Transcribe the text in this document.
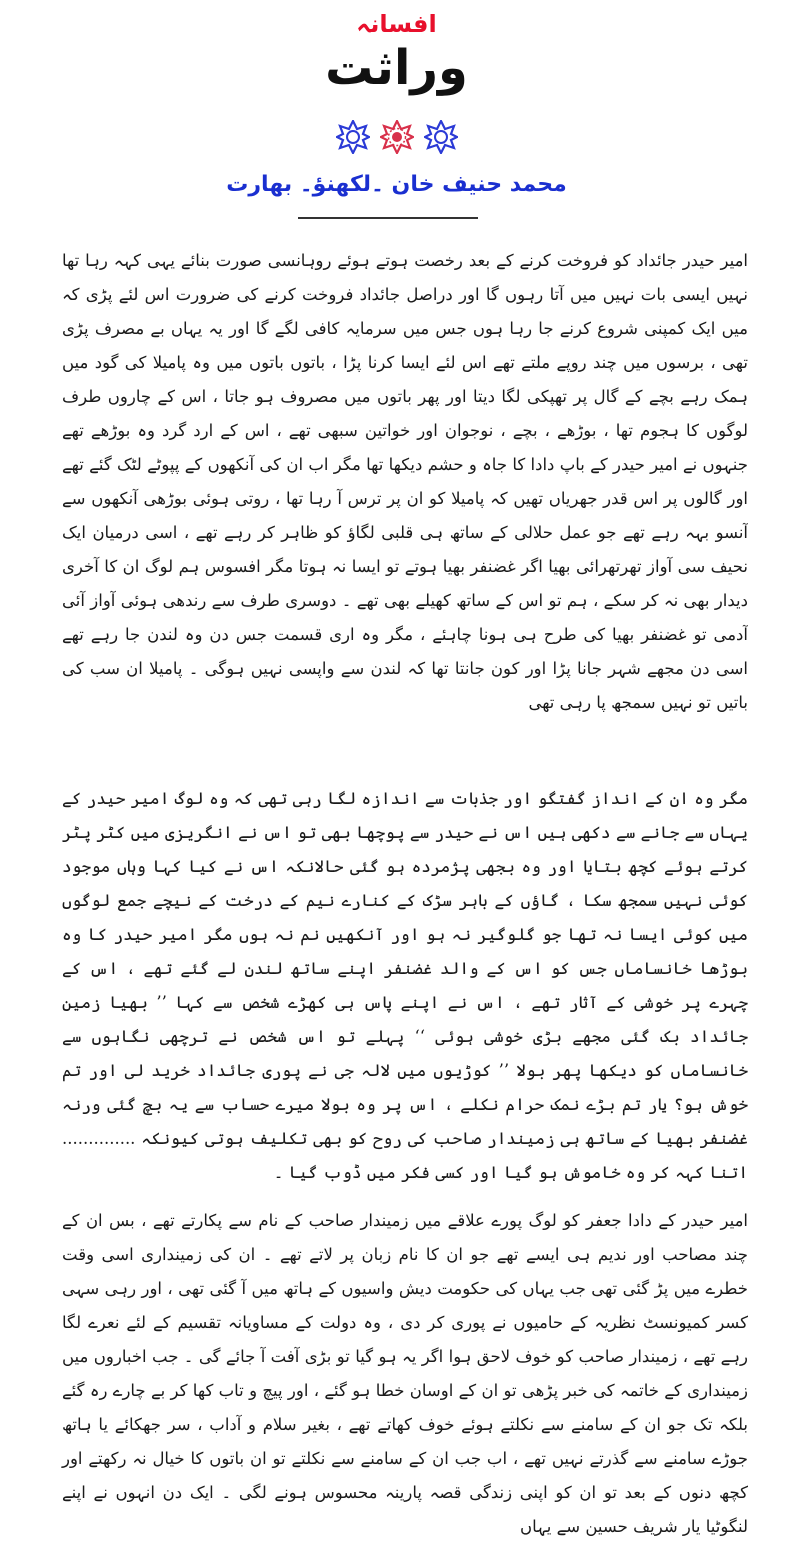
افسانہ
وراثت
محمد حنیف خان ۔لکھنؤ۔ بھارت

امیر حیدر جائداد کو فروخت کرنے کے بعد رخصت ہوتے ہوئے روہانسی صورت بنائے یہی کہہ رہا تھا نہیں ایسی بات نہیں میں آتا رہوں گا اور دراصل جائداد فروخت کرنے کی ضرورت اس لئے پڑی کہ میں ایک کمپنی شروع کرنے جا رہا ہوں جس میں سرمایہ کافی لگے گا اور یہ یہاں بے مصرف پڑی تھی ، برسوں میں چند روپے ملتے تھے اس لئے ایسا کرنا پڑا ، باتوں باتوں میں وہ پامیلا کی گود میں ہمک رہے بچے کے گال پر تھپکی لگا دیتا اور پھر باتوں میں مصروف ہو جاتا ، اس کے چاروں طرف لوگوں کا ہجوم تھا ، بوڑھے ، بچے ، نوجوان اور خواتین سبھی تھے ، اس کے ارد گرد وہ بوڑھے تھے جنہوں نے امیر حیدر کے باپ دادا کا جاہ و حشم دیکھا تھا مگر اب ان کی آنکھوں کے پپوٹے لٹک گئے تھے اور گالوں پر اس قدر جھریاں تھیں کہ پامیلا کو ان پر ترس آ رہا تھا ، روتی ہوئی بوڑھی آنکھوں سے آنسو بہہ رہے تھے جو عمل حلالی کے ساتھ ہی قلبی لگاؤ کو ظاہر کر رہے تھے ، اسی درمیان ایک نحیف سی آواز تھرتھرائی بھیا اگر غضنفر بھیا ہوتے تو ایسا نہ ہوتا مگر افسوس ہم لوگ ان کا آخری دیدار بھی نہ کر سکے ، ہم تو اس کے ساتھ کھیلے بھی تھے ۔ دوسری طرف سے رندھی ہوئی آواز آئی آدمی تو غضنفر بھیا کی طرح ہی ہونا چاہئے ، مگر وہ اری قسمت جس دن وہ لندن جا رہے تھے اسی دن مجھے شہر جانا پڑا اور کون جانتا تھا کہ لندن سے واپسی نہیں ہوگی ۔ پامیلا ان سب کی باتیں تو نہیں سمجھ پا رہی تھی

مگر وہ ان کے انداز گفتگو اور جذبات سے اندازہ لگا رہی تھی کہ وہ لوگ امیر حیدر کے یہاں سے جانے سے دکھی ہیں اس نے حیدر سے پوچھا بھی تو اس نے انگریزی میں کٹر پٹر کرتے ہوئے کچھ بتایا اور وہ بجھی پژمردہ ہو گئی حالانکہ اس نے کیا کہا وہاں موجود کوئی نہیں سمجھ سکا ، گاؤں کے باہر سڑک کے کنارے نیم کے درخت کے نیچے جمع لوگوں میں کوئی ایسا نہ تھا جو گلوگیر نہ ہو اور آنکھیں نم نہ ہوں مگر امیر حیدر کا وہ بوڑھا خانساماں جس کو اس کے والد غضنفر اپنے ساتھ لندن لے گئے تھے ، اس کے چہرے پر خوشی کے آثار تھے ، اس نے اپنے پاس ہی کھڑے شخص سے کہا ’’ بھیا زمین جائداد بک گئی مجھے بڑی خوشی ہوئی ‘‘ پہلے تو اس شخص نے ترچھی نگاہوں سے خانساماں کو دیکھا پھر بولا ’’ کوڑیوں میں لالہ جی نے پوری جائداد خرید لی اور تم خوش ہو؟ یار تم بڑے نمک حرام نکلے ، اس پر وہ بولا میرے حساب سے یہ بچ گئی ورنہ غضنفر بھیا کے ساتھ ہی زمیندار صاحب کی روح کو بھی تکلیف ہوتی کیونکہ .............. اتنا کہہ کر وہ خاموش ہو گیا اور کسی فکر میں ڈوب گیا ۔

امیر حیدر کے دادا جعفر کو لوگ پورے علاقے میں زمیندار صاحب کے نام سے پکارتے تھے ، بس ان کے چند مصاحب اور ندیم ہی ایسے تھے جو ان کا نام زبان پر لاتے تھے ۔ ان کی زمینداری اسی وقت خطرے میں پڑ گئی تھی جب یہاں کی حکومت دیش واسیوں کے ہاتھ میں آ گئی تھی ، اور رہی سہی کسر کمیونسٹ نظریہ کے حامیوں نے پوری کر دی ، وہ دولت کے مساویانہ تقسیم کے لئے نعرے لگا رہے تھے ، زمیندار صاحب کو خوف لاحق ہوا اگر یہ ہو گیا تو بڑی آفت آ جائے گی ۔ جب اخباروں میں زمینداری کے خاتمہ کی خبر پڑھی تو ان کے اوسان خطا ہو گئے ، اور پیچ و تاب کھا کر بے چارے رہ گئے بلکہ تک جو ان کے سامنے سے نکلتے ہوئے خوف کھاتے تھے ، بغیر سلام و آداب ، سر جھکائے یا ہاتھ جوڑے سامنے سے گذرتے نہیں تھے ، اب جب ان کے سامنے سے نکلتے تو ان باتوں کا خیال نہ رکھتے اور کچھ دنوں کے بعد تو ان کو اپنی زندگی قصہ پارینہ محسوس ہونے لگی ۔ ایک دن انہوں نے اپنے لنگوٹیا یار شریف حسین سے یہاں
